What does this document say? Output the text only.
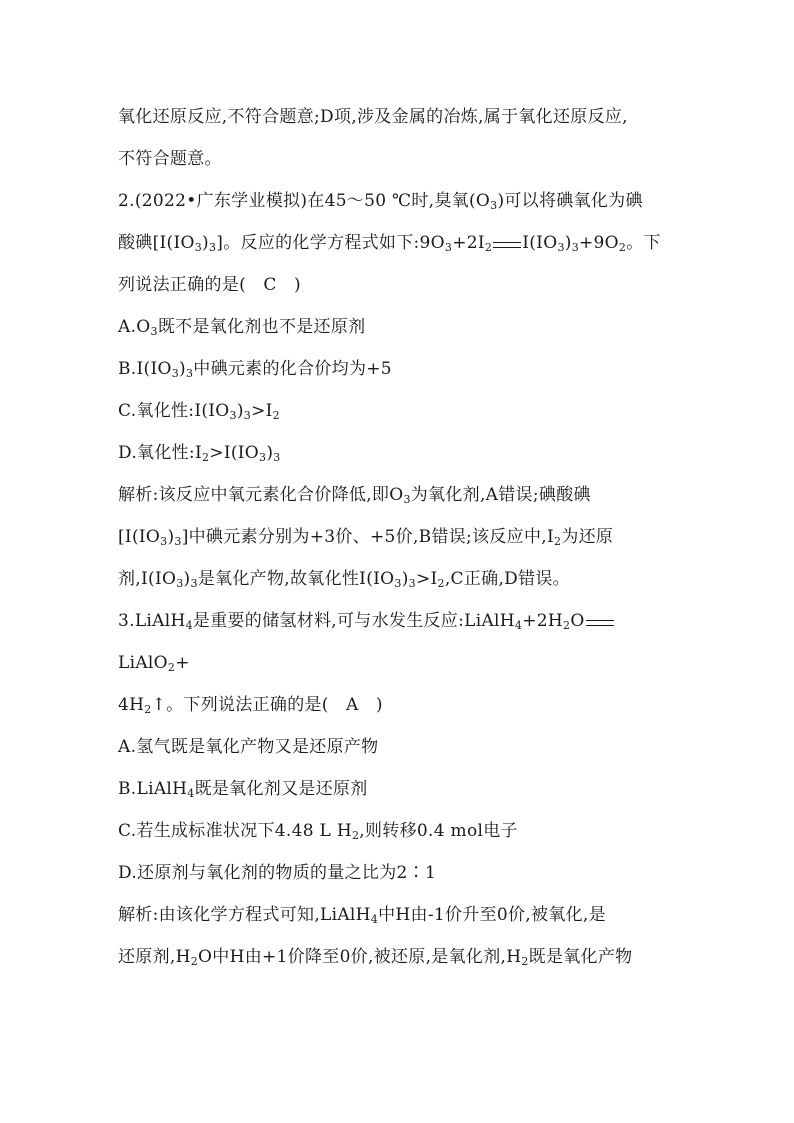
氧化还原反应,不符合题意;D项,涉及金属的冶炼,属于氧化还原反应,
不符合题意。
2.(2022•广东学业模拟)在45～50 ℃时,臭氧$(O_3)$可以将碘氧化为碘
酸碘$[I(IO_3)_3]$。反应的化学方程式如下$:9O_3+2I_2$ $I(IO_3)_3+9O_2$。下
列说法正确的是(　C　)
$A.O_3$既不是氧化剂也不是还原剂
$B.I(IO_3)_3$中碘元素的化合价均为+5
C.氧化性$:I(IO_3)_3>I_2$
D.氧化性$:I_2>I(IO_3)_3$
解析:该反应中氧元素化合价降低,即$O_3$为氧化剂,A错误;碘酸碘
$[I(IO_3)_3]$中碘元素分别为+3价、+5价,B错误;该反应中$,I_2$为还原
剂$,I(IO_3)_3$是氧化产物,故氧化性$I(IO_3)_3>I_2,C$正确,D错误。
3.LiAlH$_4$是重要的储氢材料,可与水发生反应$:LiAlH_4+2H_2O$
LiAlO$_2$+
$4H_2↑$。下列说法正确的是(　A　)
A.氢气既是氧化产物又是还原产物
B.LiAlH$_4$既是氧化剂又是还原剂
C.若生成标准状况下4.48 L $H_2$,则转移0.4 mol电子
D.还原剂与氧化剂的物质的量之比为2∶1
解析:由该化学方程式可知,LiAlH$_4$中H由-1价升至0价,被氧化,是
还原剂$,H_2O$中H由+1价降至0价,被还原,是氧化剂$,H_2$既是氧化产物
